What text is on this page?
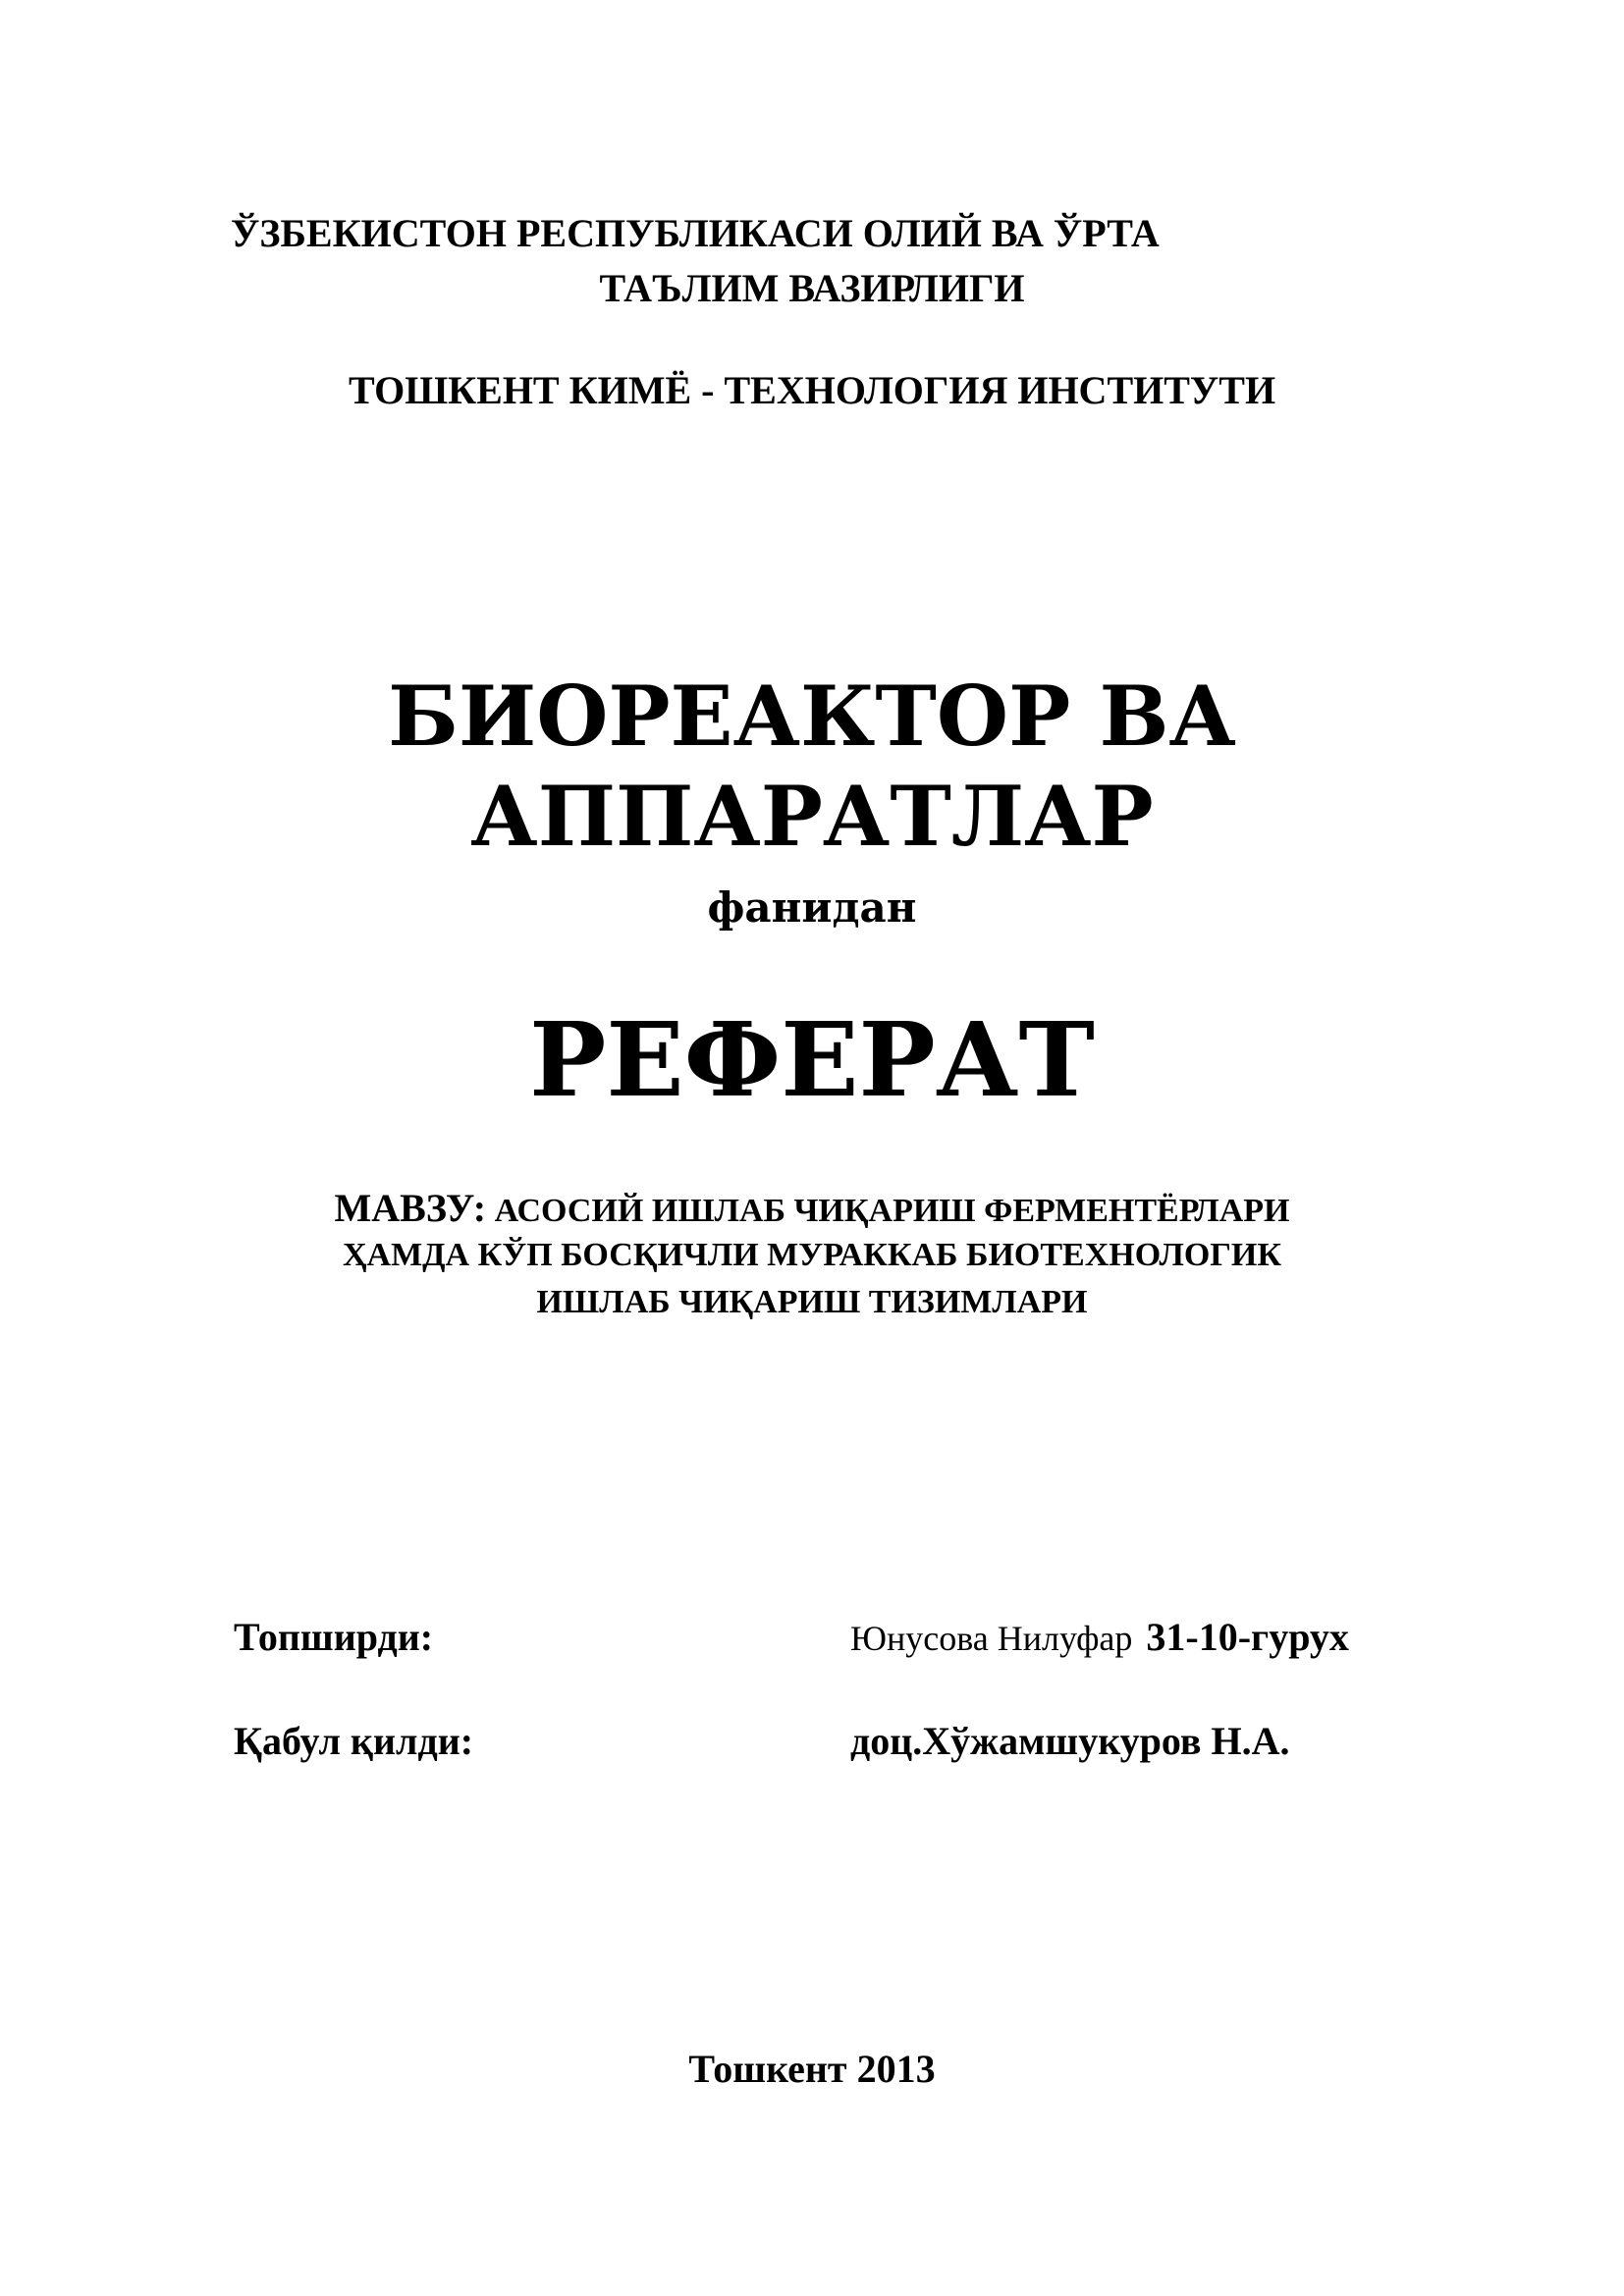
ЎЗБЕКИСТОН РЕСПУБЛИКАСИ ОЛИЙ ВА ЎРТА
ТАЪЛИМ ВАЗИРЛИГИ
ТОШКЕНТ КИМЁ - ТЕХНОЛОГИЯ ИНСТИТУТИ
БИОРЕАКТОР ВА
АППАРАТЛАР
фанидан
РЕФЕРАТ
МАВЗУ: АСОСИЙ ИШЛАБ ЧИҚАРИШ ФЕРМЕНТЁРЛАРИ
ҲАМДА КЎП БОСҚИЧЛИ МУРАККАБ БИОТЕХНОЛОГИК
ИШЛАБ ЧИҚАРИШ ТИЗИМЛАРИ
Топширди:	Юнусова Нилуфар 31-10-гурух
Қабул қилди:	доц.Хўжамшукуров Н.А.
Тошкент 2013
